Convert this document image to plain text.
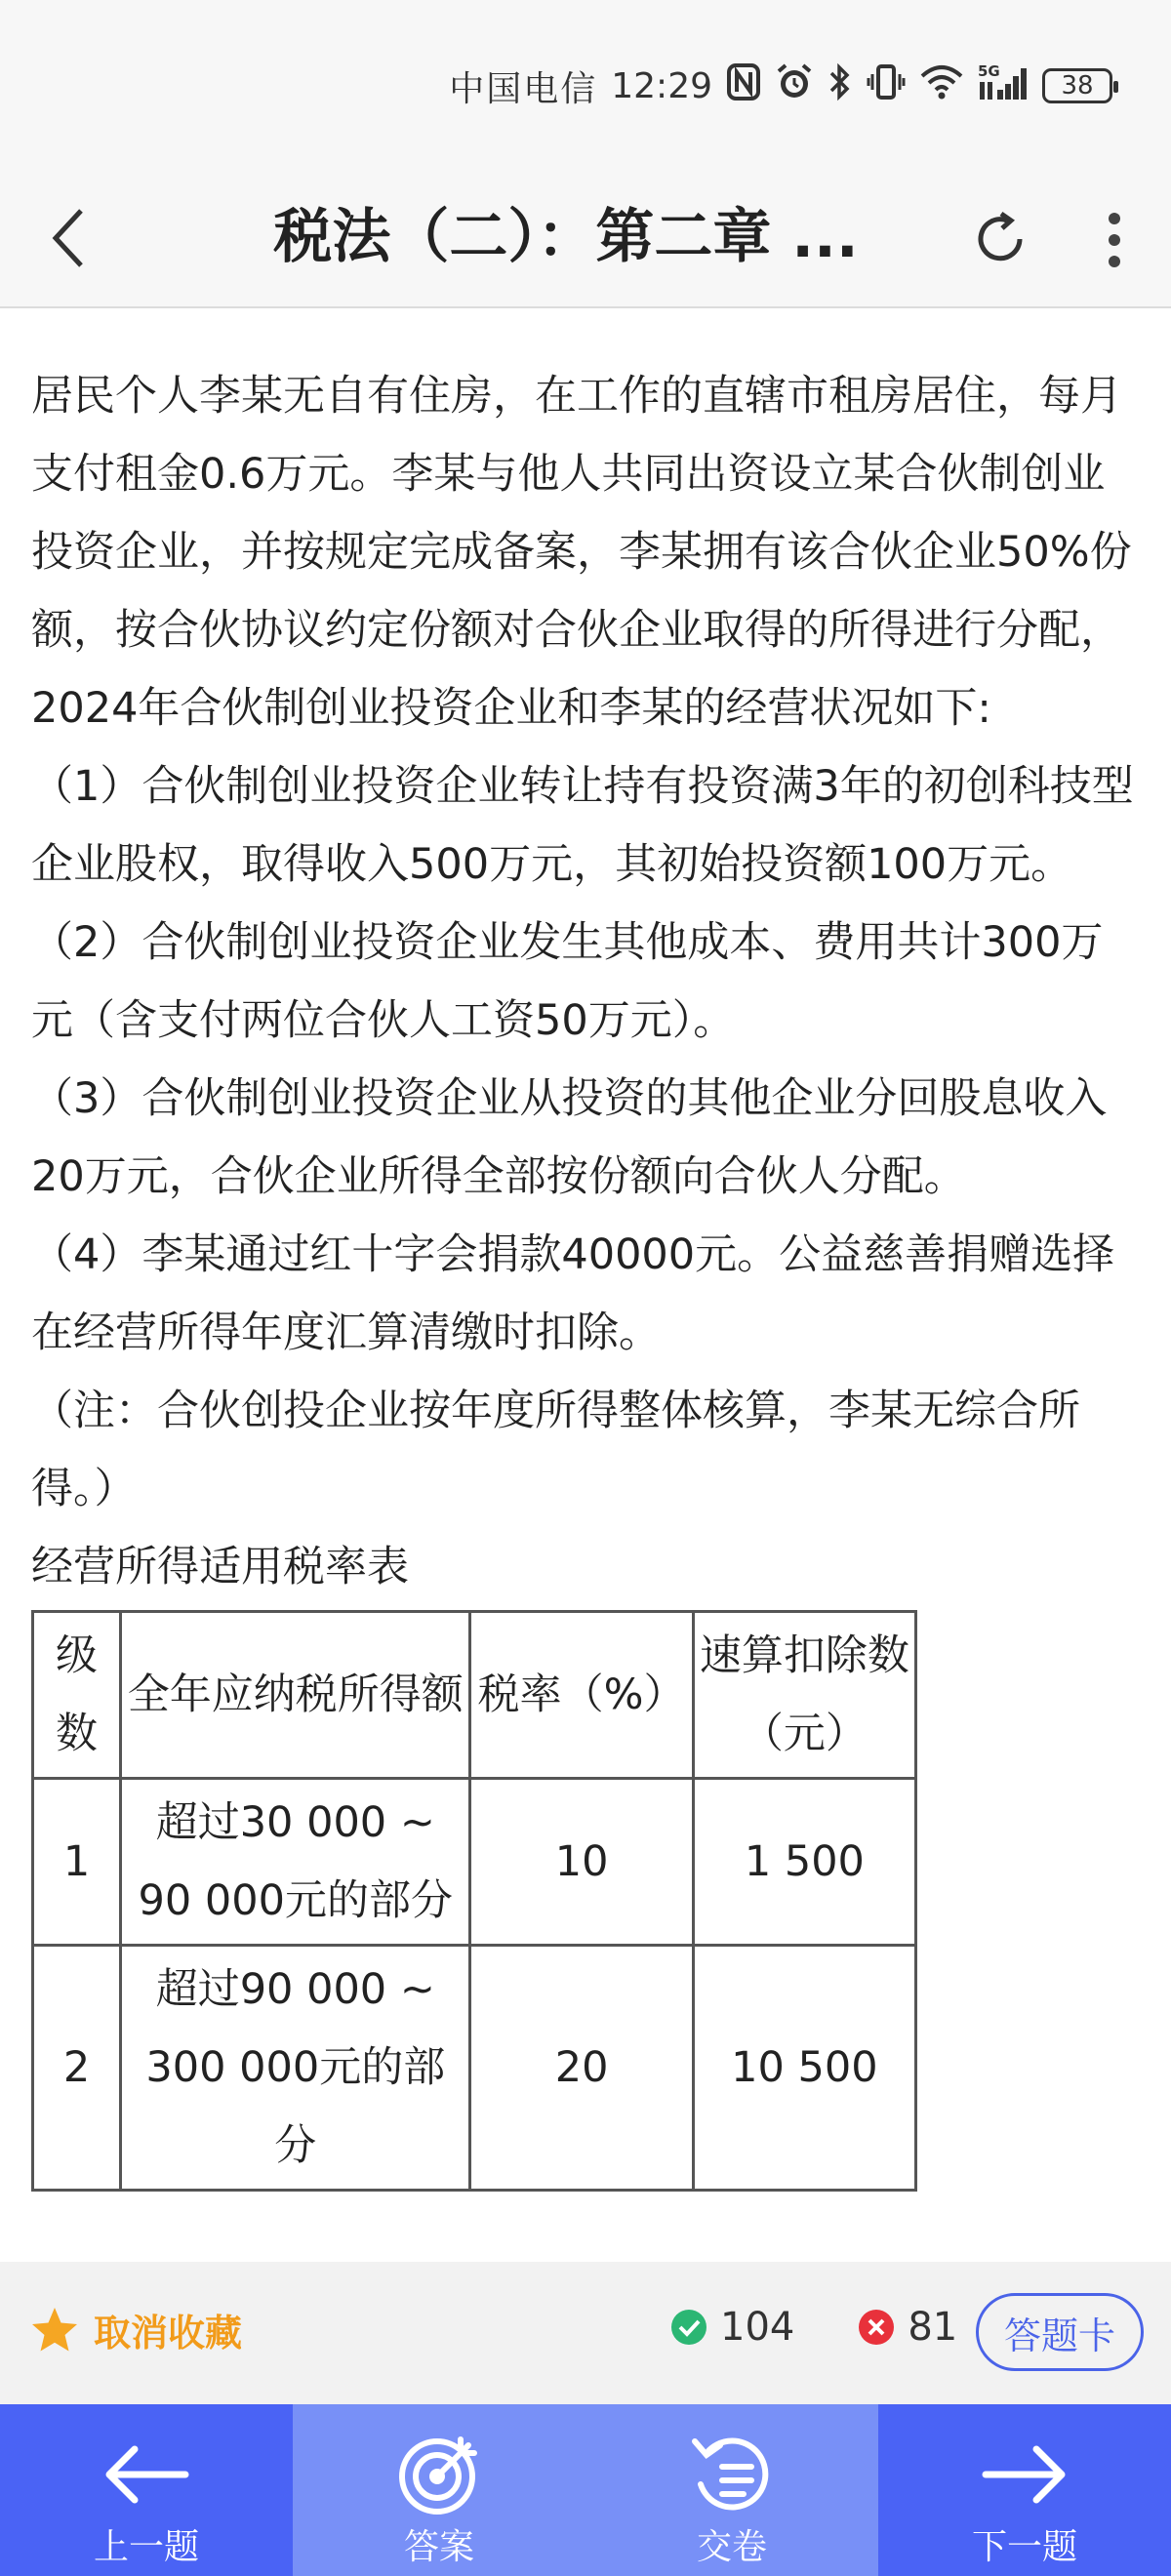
中国电信 12:29	5G
38
税法（二）：第二章 ...

居民个人李某无自有住房，在工作的直辖市租房居住，每月支付租金0.6万元。李某与他人共同出资设立某合伙制创业投资企业，并按规定完成备案，李某拥有该合伙企业50%份额，按合伙协议约定份额对合伙企业取得的所得进行分配，2024年合伙制创业投资企业和李某的经营状况如下:

（1）合伙制创业投资企业转让持有投资满3年的初创科技型企业股权，取得收入500万元，其初始投资额100万元。

（2）合伙制创业投资企业发生其他成本、费用共计300万元（含支付两位合伙人工资50万元）。

（3）合伙制创业投资企业从投资的其他企业分回股息收入20万元，合伙企业所得全部按份额向合伙人分配。

（4）李某通过红十字会捐款40000元。公益慈善捐赠选择在经营所得年度汇算清缴时扣除。

（注：合伙创投企业按年度所得整体核算，李某无综合所得。）

经营所得适用税率表

级数	全年应纳税所得额	税率（%）	速算扣除数（元）
1	超过30 000 ~ 90 000元的部分	10	1 500
2	超过90 000 ~ 300 000元的部分	20	10 500
取消收藏	104	81	答题卡
上一题	答案	交卷	下一题
